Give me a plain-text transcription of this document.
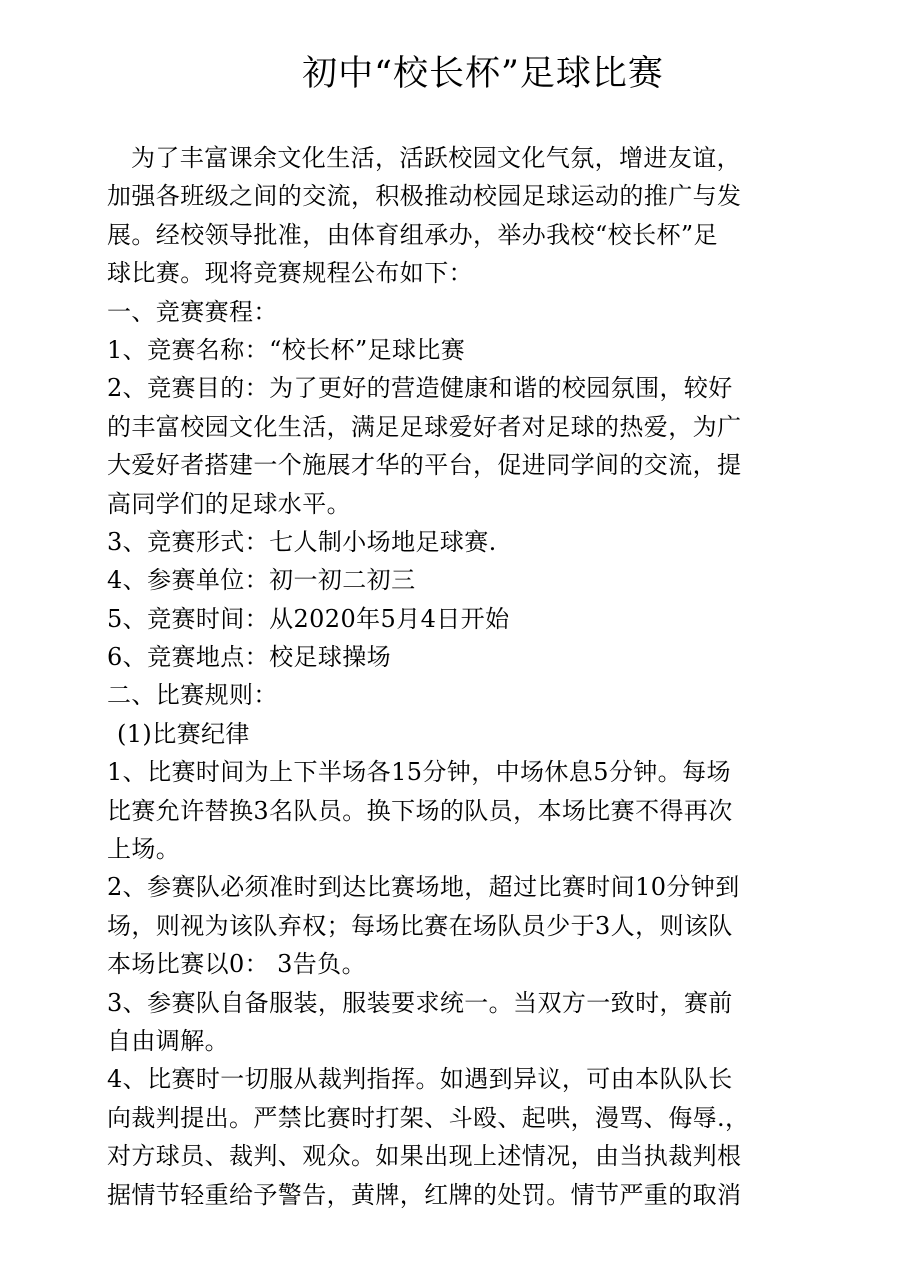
初中“校长杯”足球比赛
为了丰富课余文化生活，活跃校园文化气氛，增进友谊，
加强各班级之间的交流，积极推动校园足球运动的推广与发
展。经校领导批准，由体育组承办，举办我校“校长杯”足
球比赛。现将竞赛规程公布如下：
一、竞赛赛程：
1、竞赛名称：“校长杯”足球比赛
2、竞赛目的：为了更好的营造健康和谐的校园氛围，较好
的丰富校园文化生活，满足足球爱好者对足球的热爱，为广
大爱好者搭建一个施展才华的平台，促进同学间的交流，提
高同学们的足球水平。
3、竞赛形式：七人制小场地足球赛.
4、参赛单位：初一初二初三
5、竞赛时间：从2020年5月4日开始
6、竞赛地点：校足球操场
二、比赛规则：
(1)比赛纪律
1、比赛时间为上下半场各15分钟，中场休息5分钟。每场
比赛允许替换3名队员。换下场的队员，本场比赛不得再次
上场。
2、参赛队必须准时到达比赛场地，超过比赛时间10分钟到
场，则视为该队弃权；每场比赛在场队员少于3人，则该队
本场比赛以0： 3告负。
3、参赛队自备服装，服装要求统一。当双方一致时，赛前
自由调解。
4、比赛时一切服从裁判指挥。如遇到异议，可由本队队长
向裁判提出。严禁比赛时打架、斗殴、起哄，漫骂、侮辱.，
对方球员、裁判、观众。如果出现上述情况，由当执裁判根
据情节轻重给予警告，黄牌，红牌的处罚。情节严重的取消
